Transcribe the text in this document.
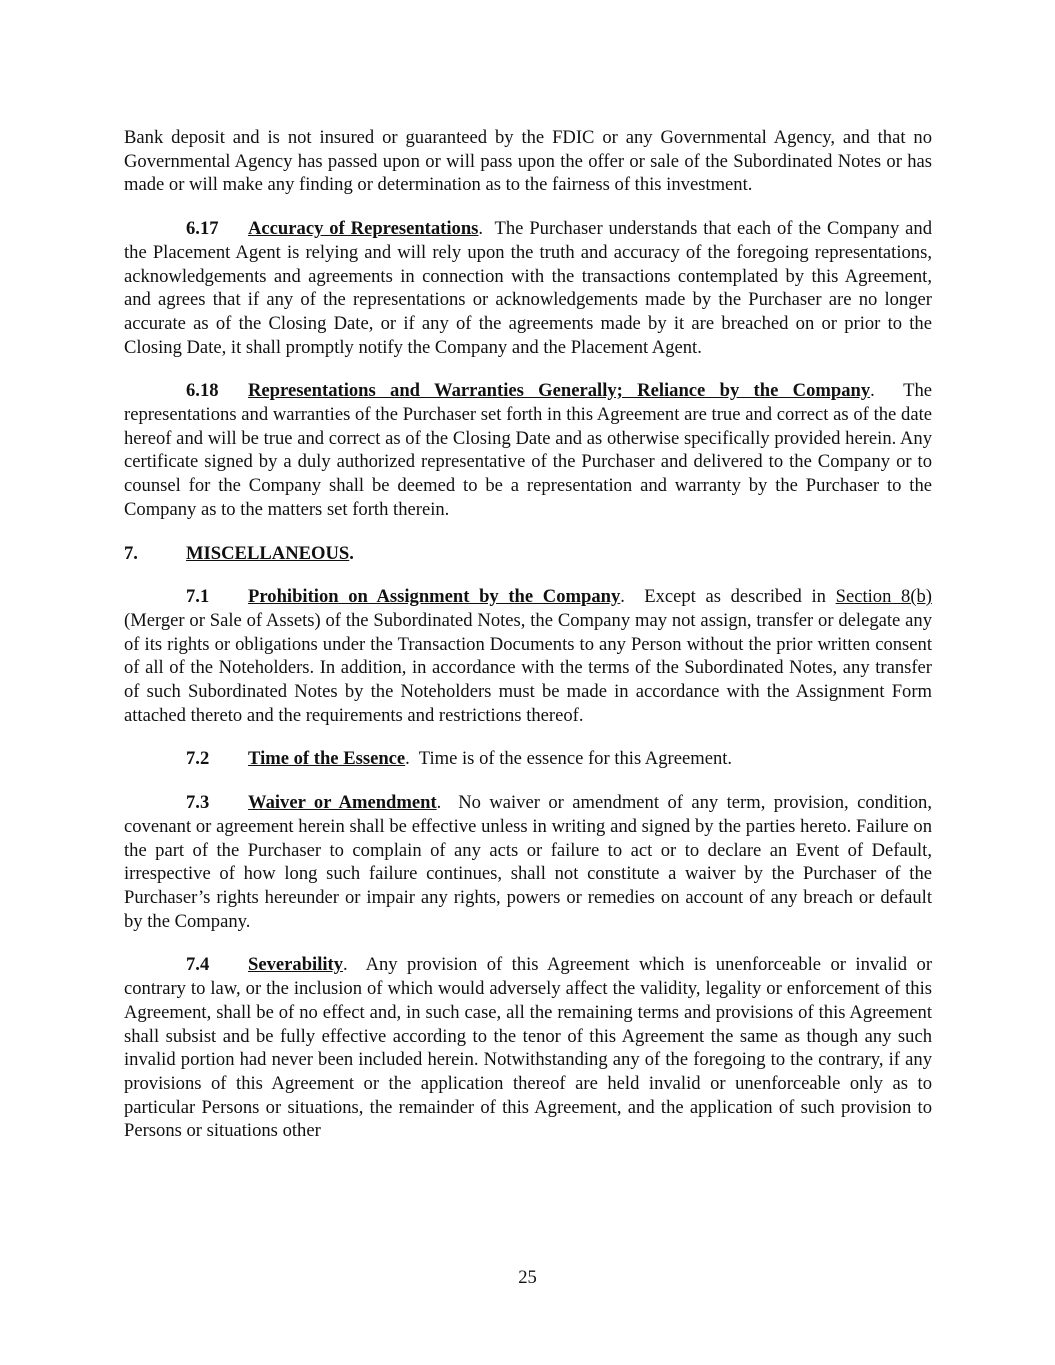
Bank deposit and is not insured or guaranteed by the FDIC or any Governmental Agency, and that no Governmental Agency has passed upon or will pass upon the offer or sale of the Subordinated Notes or has made or will make any finding or determination as to the fairness of this investment.

6.17 Accuracy of Representations.  The Purchaser understands that each of the Company and the Placement Agent is relying and will rely upon the truth and accuracy of the foregoing representations, acknowledgements and agreements in connection with the transactions contemplated by this Agreement, and agrees that if any of the representations or acknowledgements made by the Purchaser are no longer accurate as of the Closing Date, or if any of the agreements made by it are breached on or prior to the Closing Date, it shall promptly notify the Company and the Placement Agent.

6.18 Representations and Warranties Generally; Reliance by the Company.  The representations and warranties of the Purchaser set forth in this Agreement are true and correct as of the date hereof and will be true and correct as of the Closing Date and as otherwise specifically provided herein. Any certificate signed by a duly authorized representative of the Purchaser and delivered to the Company or to counsel for the Company shall be deemed to be a representation and warranty by the Purchaser to the Company as to the matters set forth therein.

7.	MISCELLANEOUS.

7.1 Prohibition on Assignment by the Company.  Except as described in Section 8(b) (Merger or Sale of Assets) of the Subordinated Notes, the Company may not assign, transfer or delegate any of its rights or obligations under the Transaction Documents to any Person without the prior written consent of all of the Noteholders. In addition, in accordance with the terms of the Subordinated Notes, any transfer of such Subordinated Notes by the Noteholders must be made in accordance with the Assignment Form attached thereto and the requirements and restrictions thereof.

7.2 Time of the Essence.  Time is of the essence for this Agreement.

7.3 Waiver or Amendment.  No waiver or amendment of any term, provision, condition, covenant or agreement herein shall be effective unless in writing and signed by the parties hereto. Failure on the part of the Purchaser to complain of any acts or failure to act or to declare an Event of Default, irrespective of how long such failure continues, shall not constitute a waiver by the Purchaser of the Purchaser’s rights hereunder or impair any rights, powers or remedies on account of any breach or default by the Company.

7.4 Severability.  Any provision of this Agreement which is unenforceable or invalid or contrary to law, or the inclusion of which would adversely affect the validity, legality or enforcement of this Agreement, shall be of no effect and, in such case, all the remaining terms and provisions of this Agreement shall subsist and be fully effective according to the tenor of this Agreement the same as though any such invalid portion had never been included herein. Notwithstanding any of the foregoing to the contrary, if any provisions of this Agreement or the application thereof are held invalid or unenforceable only as to particular Persons or situations, the remainder of this Agreement, and the application of such provision to Persons or situations other

25
